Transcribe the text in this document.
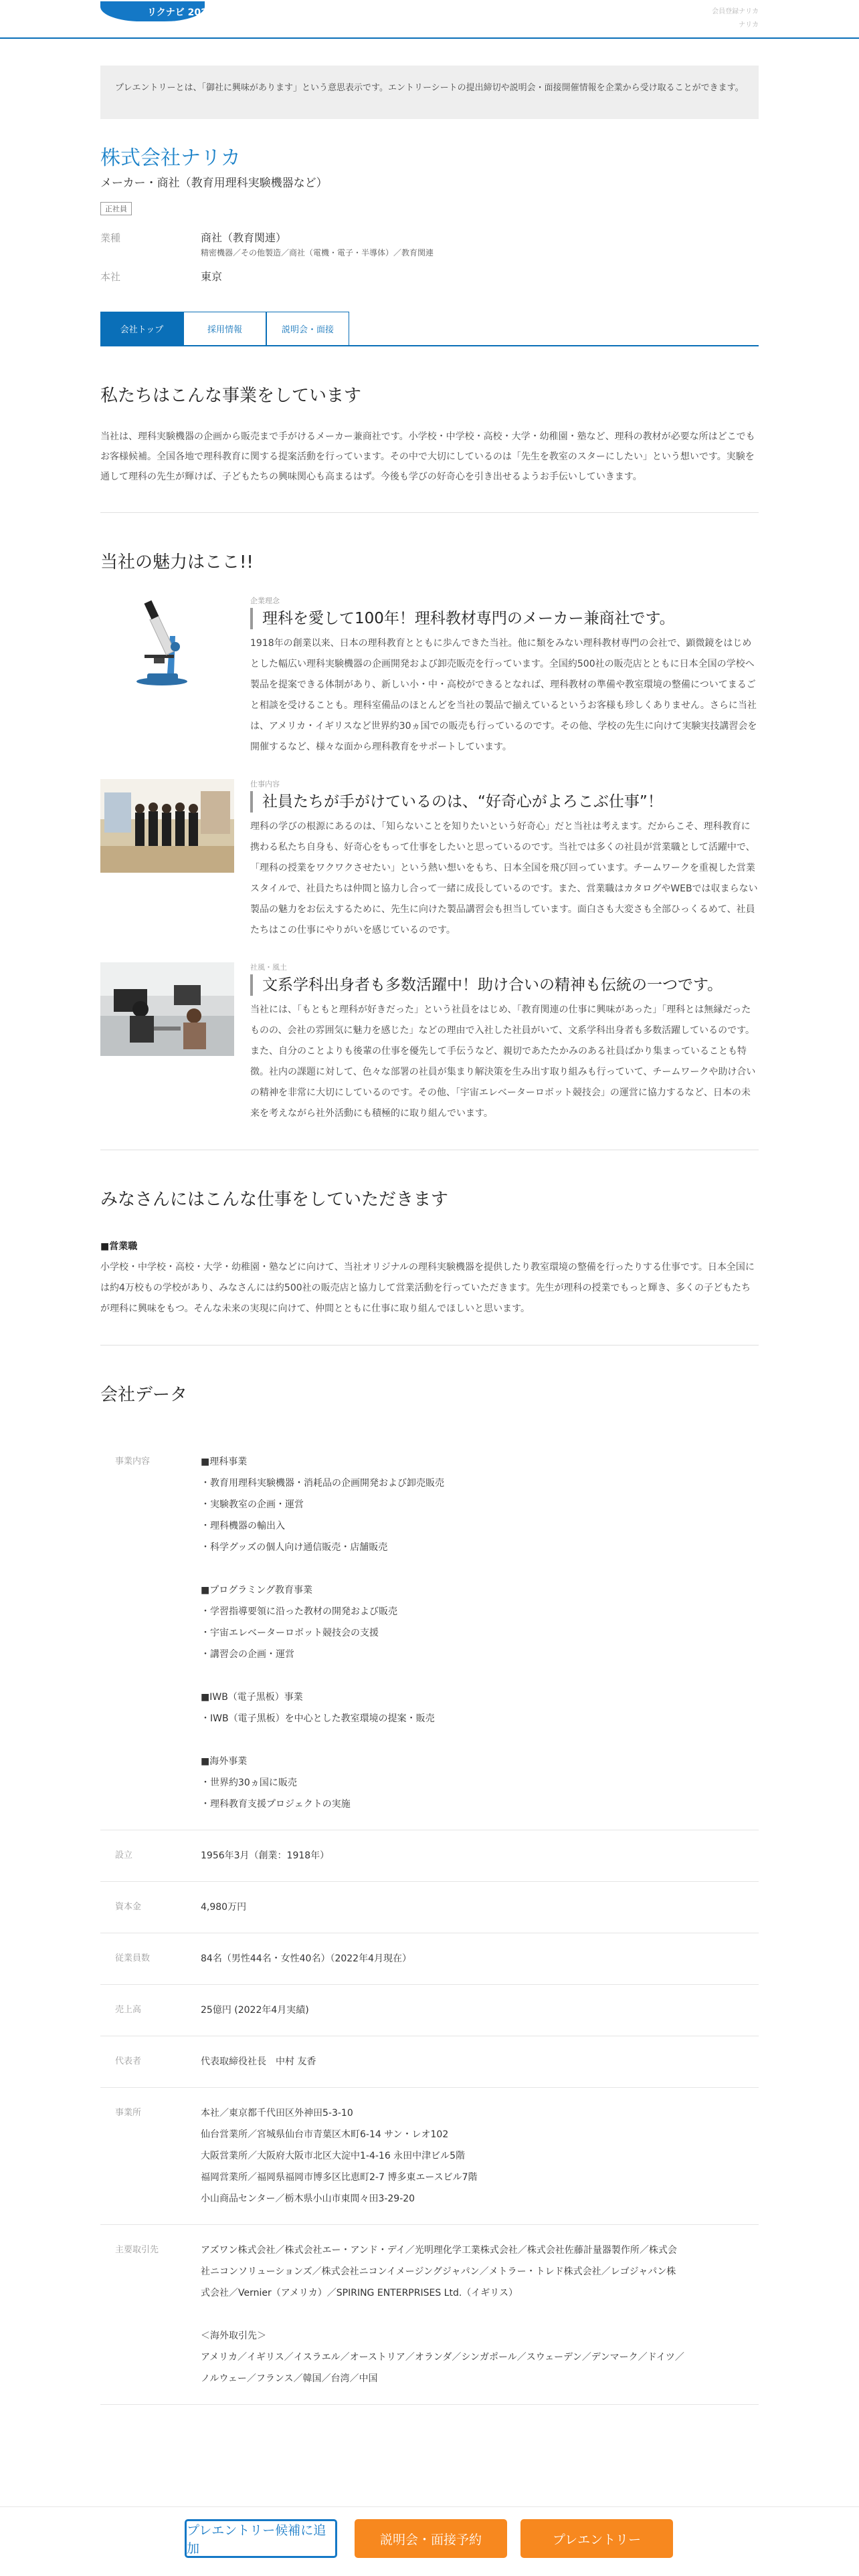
リクナビ 2024	会員登録ナリカ
ナリカ
プレエントリーとは、「御社に興味があります」という意思表示です。エントリーシートの提出締切や説明会・面接開催情報を企業から受け取ることができます。
株式会社ナリカ
メーカー・商社（教育用理科実験機器など）
正社員
業種	商社（教育関連）
精密機器／その他製造／商社（電機・電子・半導体）／教育関連
本社	東京
会社トップ	採用情報	説明会・面接
私たちはこんな事業をしています

当社は、理科実験機器の企画から販売まで手がけるメーカー兼商社です。小学校・中学校・高校・大学・幼稚園・塾など、理科の教材が必要な所はどこでもお客様候補。全国各地で理科教育に関する提案活動を行っています。その中で大切にしているのは「先生を教室のスターにしたい」という想いです。実験を通して理科の先生が輝けば、子どもたちの興味関心も高まるはず。今後も学びの好奇心を引き出せるようお手伝いしていきます。

当社の魅力はここ!!
企業理念
理科を愛して100年！理科教材専門のメーカー兼商社です。

1918年の創業以来、日本の理科教育とともに歩んできた当社。他に類をみない理科教材専門の会社で、顕微鏡をはじめとした幅広い理科実験機器の企画開発および卸売販売を行っています。全国約500社の販売店とともに日本全国の学校へ製品を提案できる体制があり、新しい小・中・高校ができるとなれば、理科教材の準備や教室環境の整備についてまるごと相談を受けることも。理科室備品のほとんどを当社の製品で揃えているというお客様も珍しくありません。さらに当社は、アメリカ・イギリスなど世界約30ヵ国での販売も行っているのです。その他、学校の先生に向けて実験実技講習会を開催するなど、様々な面から理科教育をサポートしています。

仕事内容
社員たちが手がけているのは、“好奇心がよろこぶ仕事”！

理科の学びの根源にあるのは、「知らないことを知りたいという好奇心」だと当社は考えます。だからこそ、理科教育に携わる私たち自身も、好奇心をもって仕事をしたいと思っているのです。当社では多くの社員が営業職として活躍中で、「理科の授業をワクワクさせたい」という熱い想いをもち、日本全国を飛び回っています。チームワークを重視した営業スタイルで、社員たちは仲間と協力し合って一緒に成長しているのです。また、営業職はカタログやWEBでは収まらない製品の魅力をお伝えするために、先生に向けた製品講習会も担当しています。面白さも大変さも全部ひっくるめて、社員たちはこの仕事にやりがいを感じているのです。

社風・風土
文系学科出身者も多数活躍中！助け合いの精神も伝統の一つです。

当社には、「もともと理科が好きだった」という社員をはじめ、「教育関連の仕事に興味があった」「理科とは無縁だったものの、会社の雰囲気に魅力を感じた」などの理由で入社した社員がいて、文系学科出身者も多数活躍しているのです。また、自分のことよりも後輩の仕事を優先して手伝うなど、親切であたたかみのある社員ばかり集まっていることも特徴。社内の課題に対して、色々な部署の社員が集まり解決策を生み出す取り組みも行っていて、チームワークや助け合いの精神を非常に大切にしているのです。その他、「宇宙エレベーターロボット競技会」の運営に協力するなど、日本の未来を考えながら社外活動にも積極的に取り組んでいます。

みなさんにはこんな仕事をしていただきます
■営業職

小学校・中学校・高校・大学・幼稚園・塾などに向けて、当社オリジナルの理科実験機器を提供したり教室環境の整備を行ったりする仕事です。日本全国には約4万校もの学校があり、みなさんには約500社の販売店と協力して営業活動を行っていただきます。先生が理科の授業でもっと輝き、多くの子どもたちが理科に興味をもつ。そんな未来の実現に向けて、仲間とともに仕事に取り組んでほしいと思います。

会社データ
事業内容	■理科事業
・教育用理科実験機器・消耗品の企画開発および卸売販売
・実験教室の企画・運営
・理科機器の輸出入
・科学グッズの個人向け通信販売・店舗販売
■プログラミング教育事業
・学習指導要領に沿った教材の開発および販売
・宇宙エレベーターロボット競技会の支援
・講習会の企画・運営
■IWB（電子黒板）事業
・IWB（電子黒板）を中心とした教室環境の提案・販売
■海外事業
・世界約30ヵ国に販売
・理科教育支援プロジェクトの実施
設立	1956年3月（創業：1918年）
資本金	4,980万円
従業員数	84名（男性44名・女性40名）（2022年4月現在）
売上高	25億円 (2022年4月実績)
代表者	代表取締役社長　中村 友香
事業所	本社／東京都千代田区外神田5-3-10
仙台営業所／宮城県仙台市青葉区木町6-14 サン・レオ102
大阪営業所／大阪府大阪市北区大淀中1-4-16 永田中津ビル5階
福岡営業所／福岡県福岡市博多区比恵町2-7 博多東エースビル7階
小山商品センター／栃木県小山市東間々田3-29-20
主要取引先	アズワン株式会社／株式会社エー・アンド・デイ／光明理化学工業株式会社／株式会社佐藤計量器製作所／株式会
社ニコンソリューションズ／株式会社ニコンイメージングジャパン／メトラー・トレド株式会社／レゴジャパン株
式会社／Vernier（アメリカ）／SPIRING ENTERPRISES Ltd.（イギリス）
＜海外取引先＞
アメリカ／イギリス／イスラエル／オーストリア／オランダ／シンガポール／スウェーデン／デンマーク／ドイツ／
ノルウェー／フランス／韓国／台湾／中国
プレエントリー候補に追加
説明会・面接予約	プレエントリー
